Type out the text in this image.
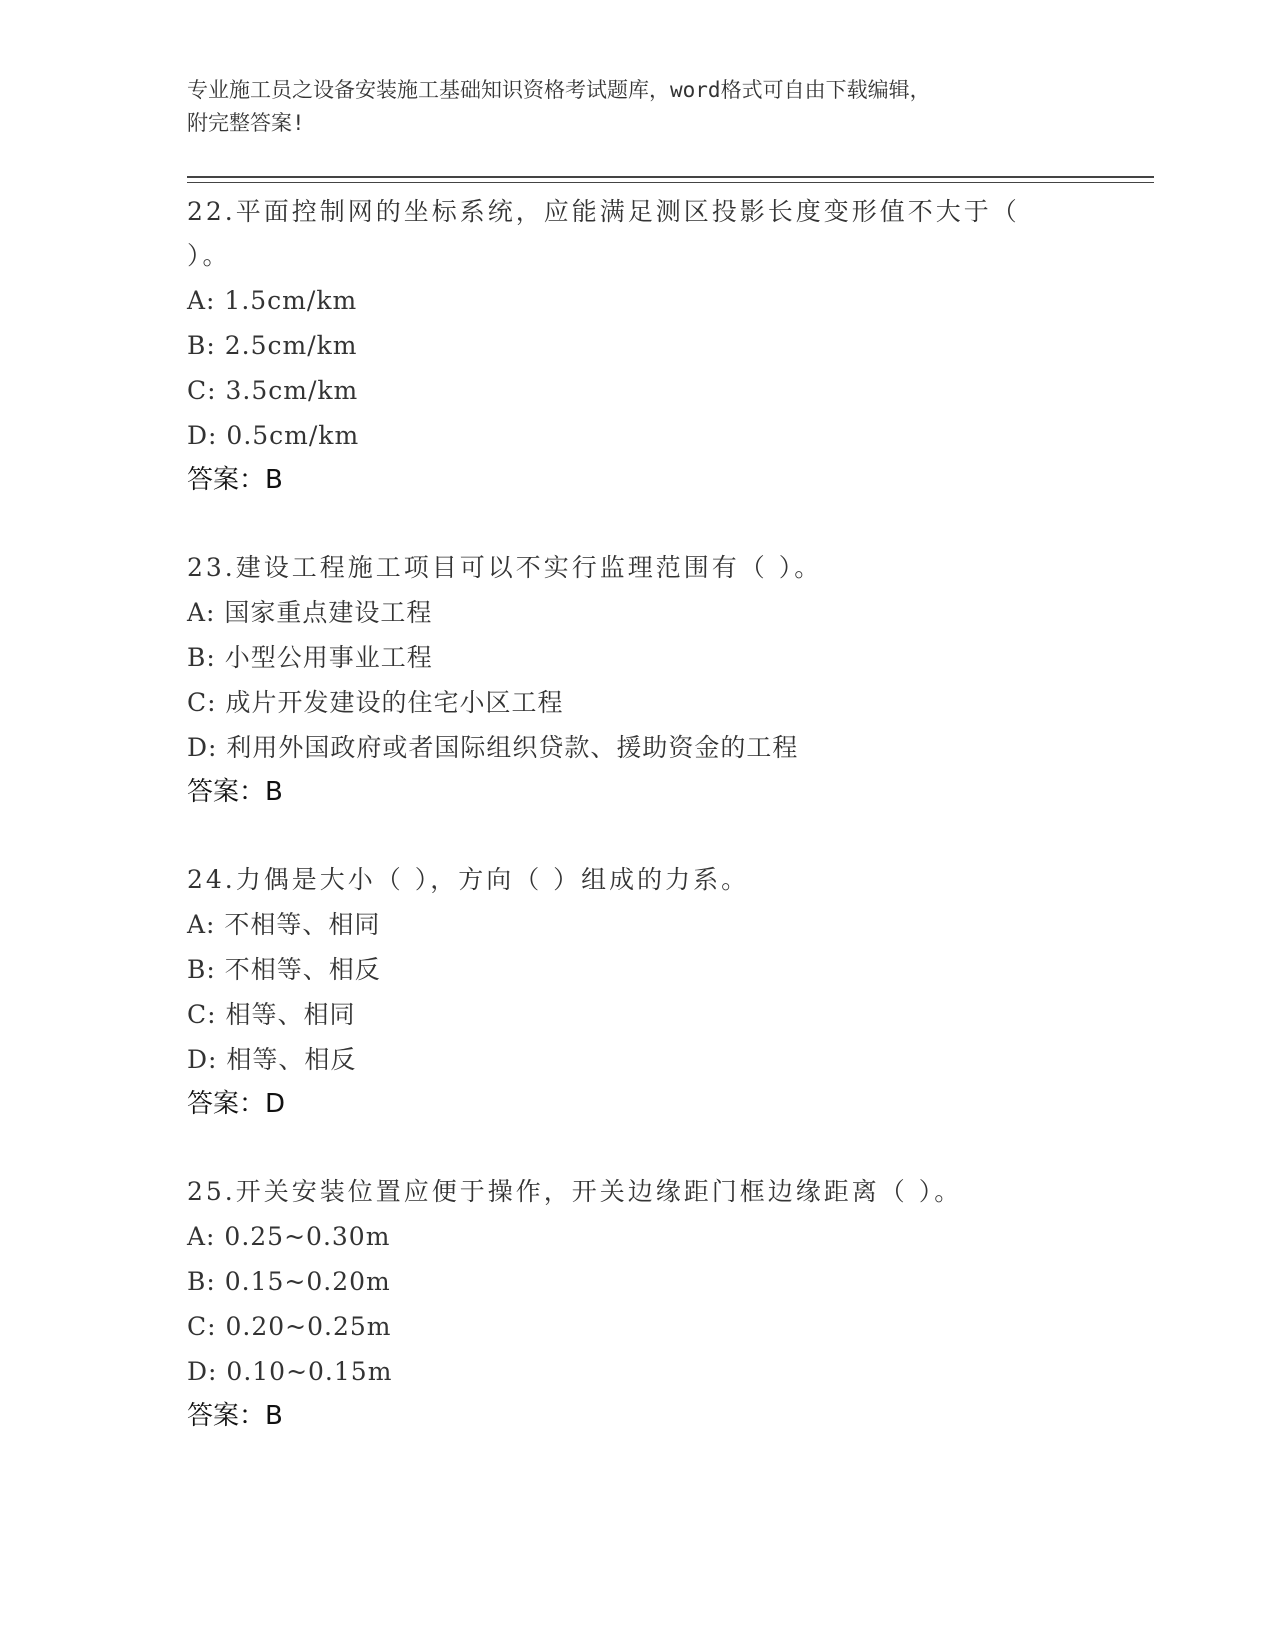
专业施工员之设备安装施工基础知识资格考试题库，word格式可自由下载编辑，
附完整答案!
22.平面控制网的坐标系统，应能满足测区投影长度变形值不大于（
）。
A: 1.5cm/km
B: 2.5cm/km
C: 3.5cm/km
D: 0.5cm/km
答案：B
23.建设工程施工项目可以不实行监理范围有（ ）。
A: 国家重点建设工程
B: 小型公用事业工程
C: 成片开发建设的住宅小区工程
D: 利用外国政府或者国际组织贷款、援助资金的工程
答案：B
24.力偶是大小（ ），方向（ ）组成的力系。
A: 不相等、相同
B: 不相等、相反
C: 相等、相同
D: 相等、相反
答案：D
25.开关安装位置应便于操作，开关边缘距门框边缘距离（ ）。
A: 0.25~0.30m
B: 0.15~0.20m
C: 0.20~0.25m
D: 0.10~0.15m
答案：B
